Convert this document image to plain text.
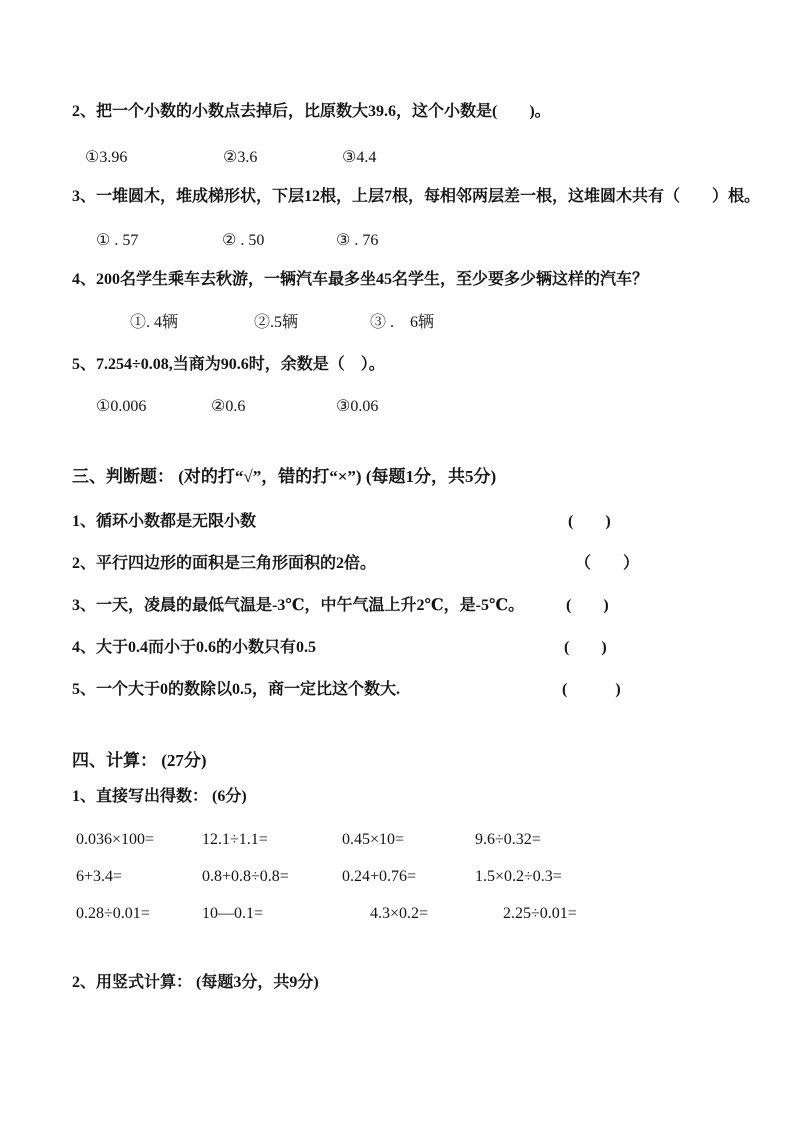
2、把一个小数的小数点去掉后，比原数大39.6，这个小数是(　　)。
①3.96	②3.6	③4.4
3、一堆圆木，堆成梯形状，下层12根，上层7根，每相邻两层差一根，这堆圆木共有（　　）根。
① . 57	② . 50	③ . 76
4、200名学生乘车去秋游，一辆汽车最多坐45名学生，至少要多少辆这样的汽车？
①. 4辆	②.5辆	③ .　6辆
5、7.254÷0.08,当商为90.6时，余数是（　）。
①0.006	②0.6	③0.06
三、判断题： (对的打“√”，错的打“×”) (每题1分，共5分)
1、循环小数都是无限小数	(　　)
2、平行四边形的面积是三角形面积的2倍。	（　　）
3、一天，凌晨的最低气温是-3℃，中午气温上升2℃，是-5℃。	(　　)
4、大于0.4而小于0.6的小数只有0.5	(　　)
5、一个大于0的数除以0.5，商一定比这个数大.	(　　　)
四、计算： (27分)
1、直接写出得数： (6分)
0.036×100=	12.1÷1.1=	0.45×10=	9.6÷0.32=
6+3.4=	0.8+0.8÷0.8=	0.24+0.76=	1.5×0.2÷0.3=
0.28÷0.01=	10—0.1=	4.3×0.2=	2.25÷0.01=
2、用竖式计算： (每题3分，共9分)
